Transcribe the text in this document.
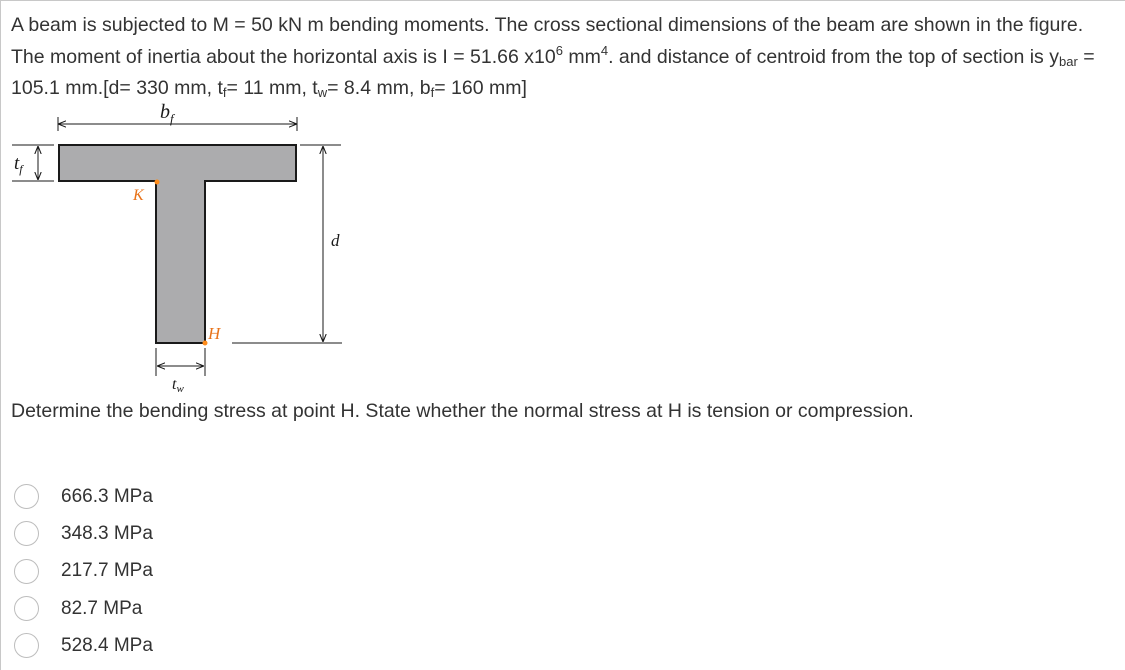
A beam is subjected to M = 50 kN m bending moments. The cross sectional dimensions of the beam are shown in the figure. The moment of inertia about the horizontal axis is I = 51.66 $x10^6$ $mm^4$. and distance of centroid from the top of section is $y_{bar} = 105.1$ mm.[d= 330 mm, $t_f= 11$ mm, $t_w= 8.4$ mm, $b_f= 160$ mm]
$b_f$
$t_f$
d
tw
K
H
Determine the bending stress at point H. State whether the normal stress at H is tension or compression.
666.3 MPa
348.3 MPa
217.7 MPa
82.7 MPa
528.4 MPa
